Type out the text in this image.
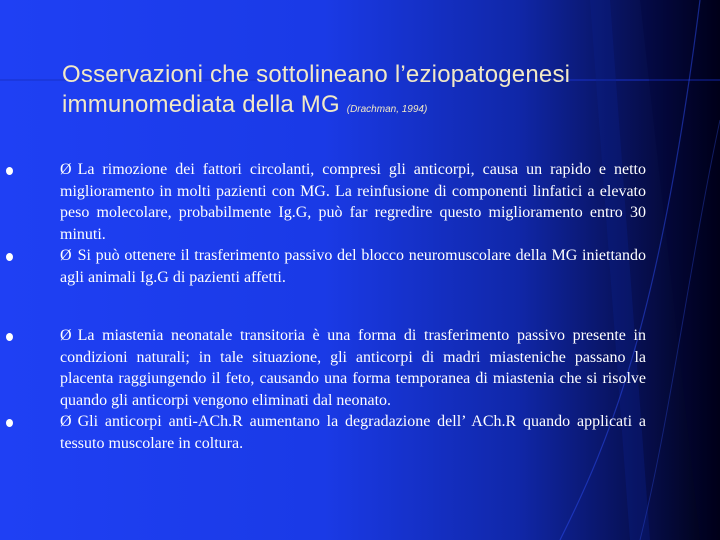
Osservazioni che sottolineano l’eziopatogenesi
immunomediata della MG (Drachman, 1994)

Ø La rimozione dei fattori circolanti, compresi gli anticorpi, causa un rapido e netto miglioramento in molti pazienti con MG. La reinfusione di componenti linfatici a elevato peso molecolare, probabilmente Ig.G, può far regredire questo miglioramento entro 30 minuti.

Ø Si può ottenere il trasferimento passivo del blocco neuromuscolare della MG iniettando agli animali Ig.G di pazienti affetti.

Ø La miastenia neonatale transitoria è una forma di trasferimento passivo presente in condizioni naturali; in tale situazione, gli anticorpi di madri miasteniche passano la placenta raggiungendo il feto, causando una forma temporanea di miastenia che si risolve quando gli anticorpi vengono eliminati dal neonato.

Ø Gli anticorpi anti-ACh.R aumentano la degradazione dell’ ACh.R quando applicati a tessuto muscolare in coltura.
